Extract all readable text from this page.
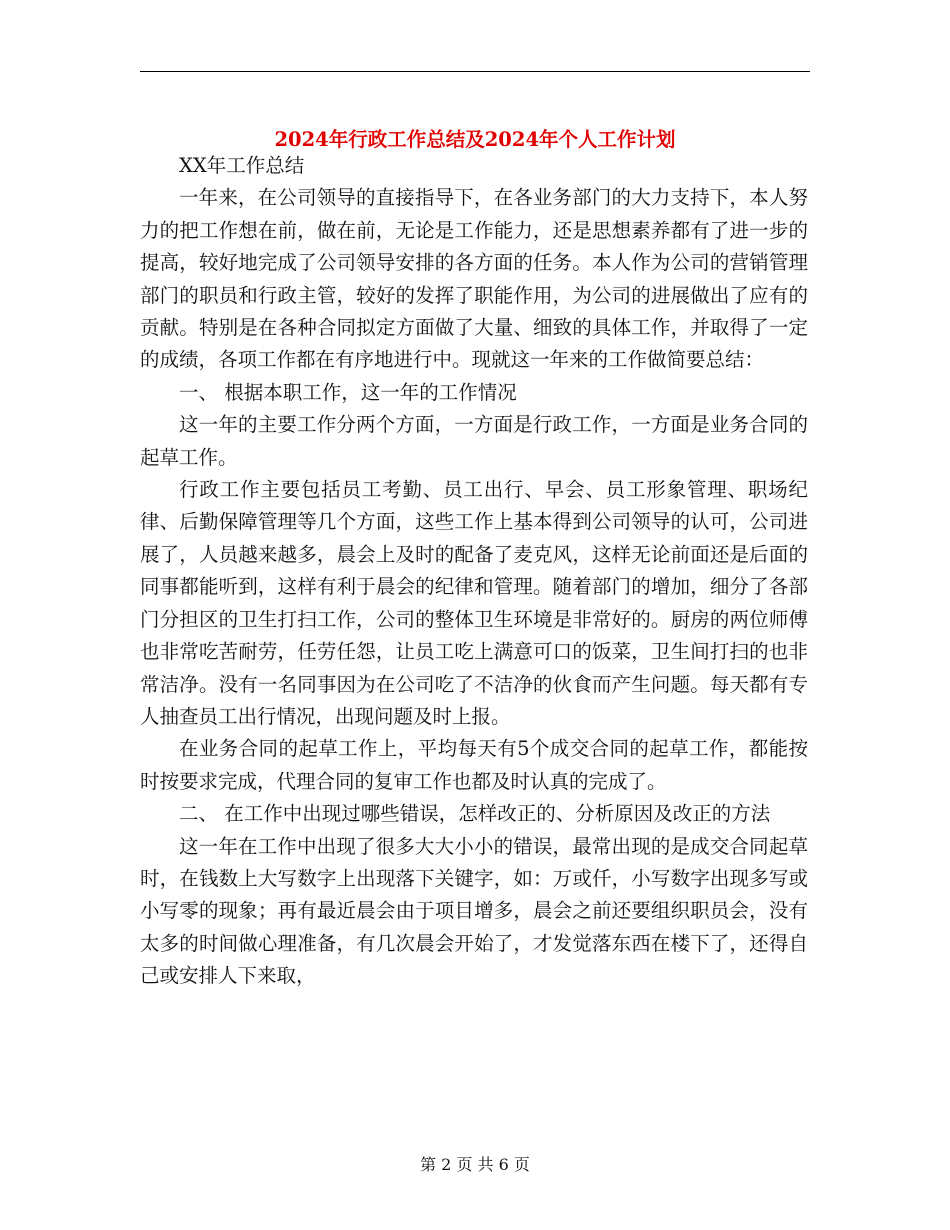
2024年行政工作总结及2024年个人工作计划

XX年工作总结

一年来，在公司领导的直接指导下，在各业务部门的大力支持下，本人努力的把工作想在前，做在前，无论是工作能力，还是思想素养都有了进一步的提高，较好地完成了公司领导安排的各方面的任务。本人作为公司的营销管理部门的职员和行政主管，较好的发挥了职能作用，为公司的进展做出了应有的贡献。特别是在各种合同拟定方面做了大量、细致的具体工作，并取得了一定的成绩，各项工作都在有序地进行中。现就这一年来的工作做简要总结：

一、 根据本职工作，这一年的工作情况

这一年的主要工作分两个方面，一方面是行政工作，一方面是业务合同的起草工作。

行政工作主要包括员工考勤、员工出行、早会、员工形象管理、职场纪律、后勤保障管理等几个方面，这些工作上基本得到公司领导的认可，公司进展了，人员越来越多，晨会上及时的配备了麦克风，这样无论前面还是后面的同事都能听到，这样有利于晨会的纪律和管理。随着部门的增加，细分了各部门分担区的卫生打扫工作，公司的整体卫生环境是非常好的。厨房的两位师傅也非常吃苦耐劳，任劳任怨，让员工吃上满意可口的饭菜，卫生间打扫的也非常洁净。没有一名同事因为在公司吃了不洁净的伙食而产生问题。每天都有专人抽查员工出行情况，出现问题及时上报。

在业务合同的起草工作上，平均每天有5个成交合同的起草工作，都能按时按要求完成，代理合同的复审工作也都及时认真的完成了。

二、 在工作中出现过哪些错误，怎样改正的、分析原因及改正的方法

这一年在工作中出现了很多大大小小的错误，最常出现的是成交合同起草时，在钱数上大写数字上出现落下关键字，如：万或仟，小写数字出现多写或小写零的现象；再有最近晨会由于项目增多，晨会之前还要组织职员会，没有太多的时间做心理准备，有几次晨会开始了，才发觉落东西在楼下了，还得自己或安排人下来取，

第 2 页 共 6 页
